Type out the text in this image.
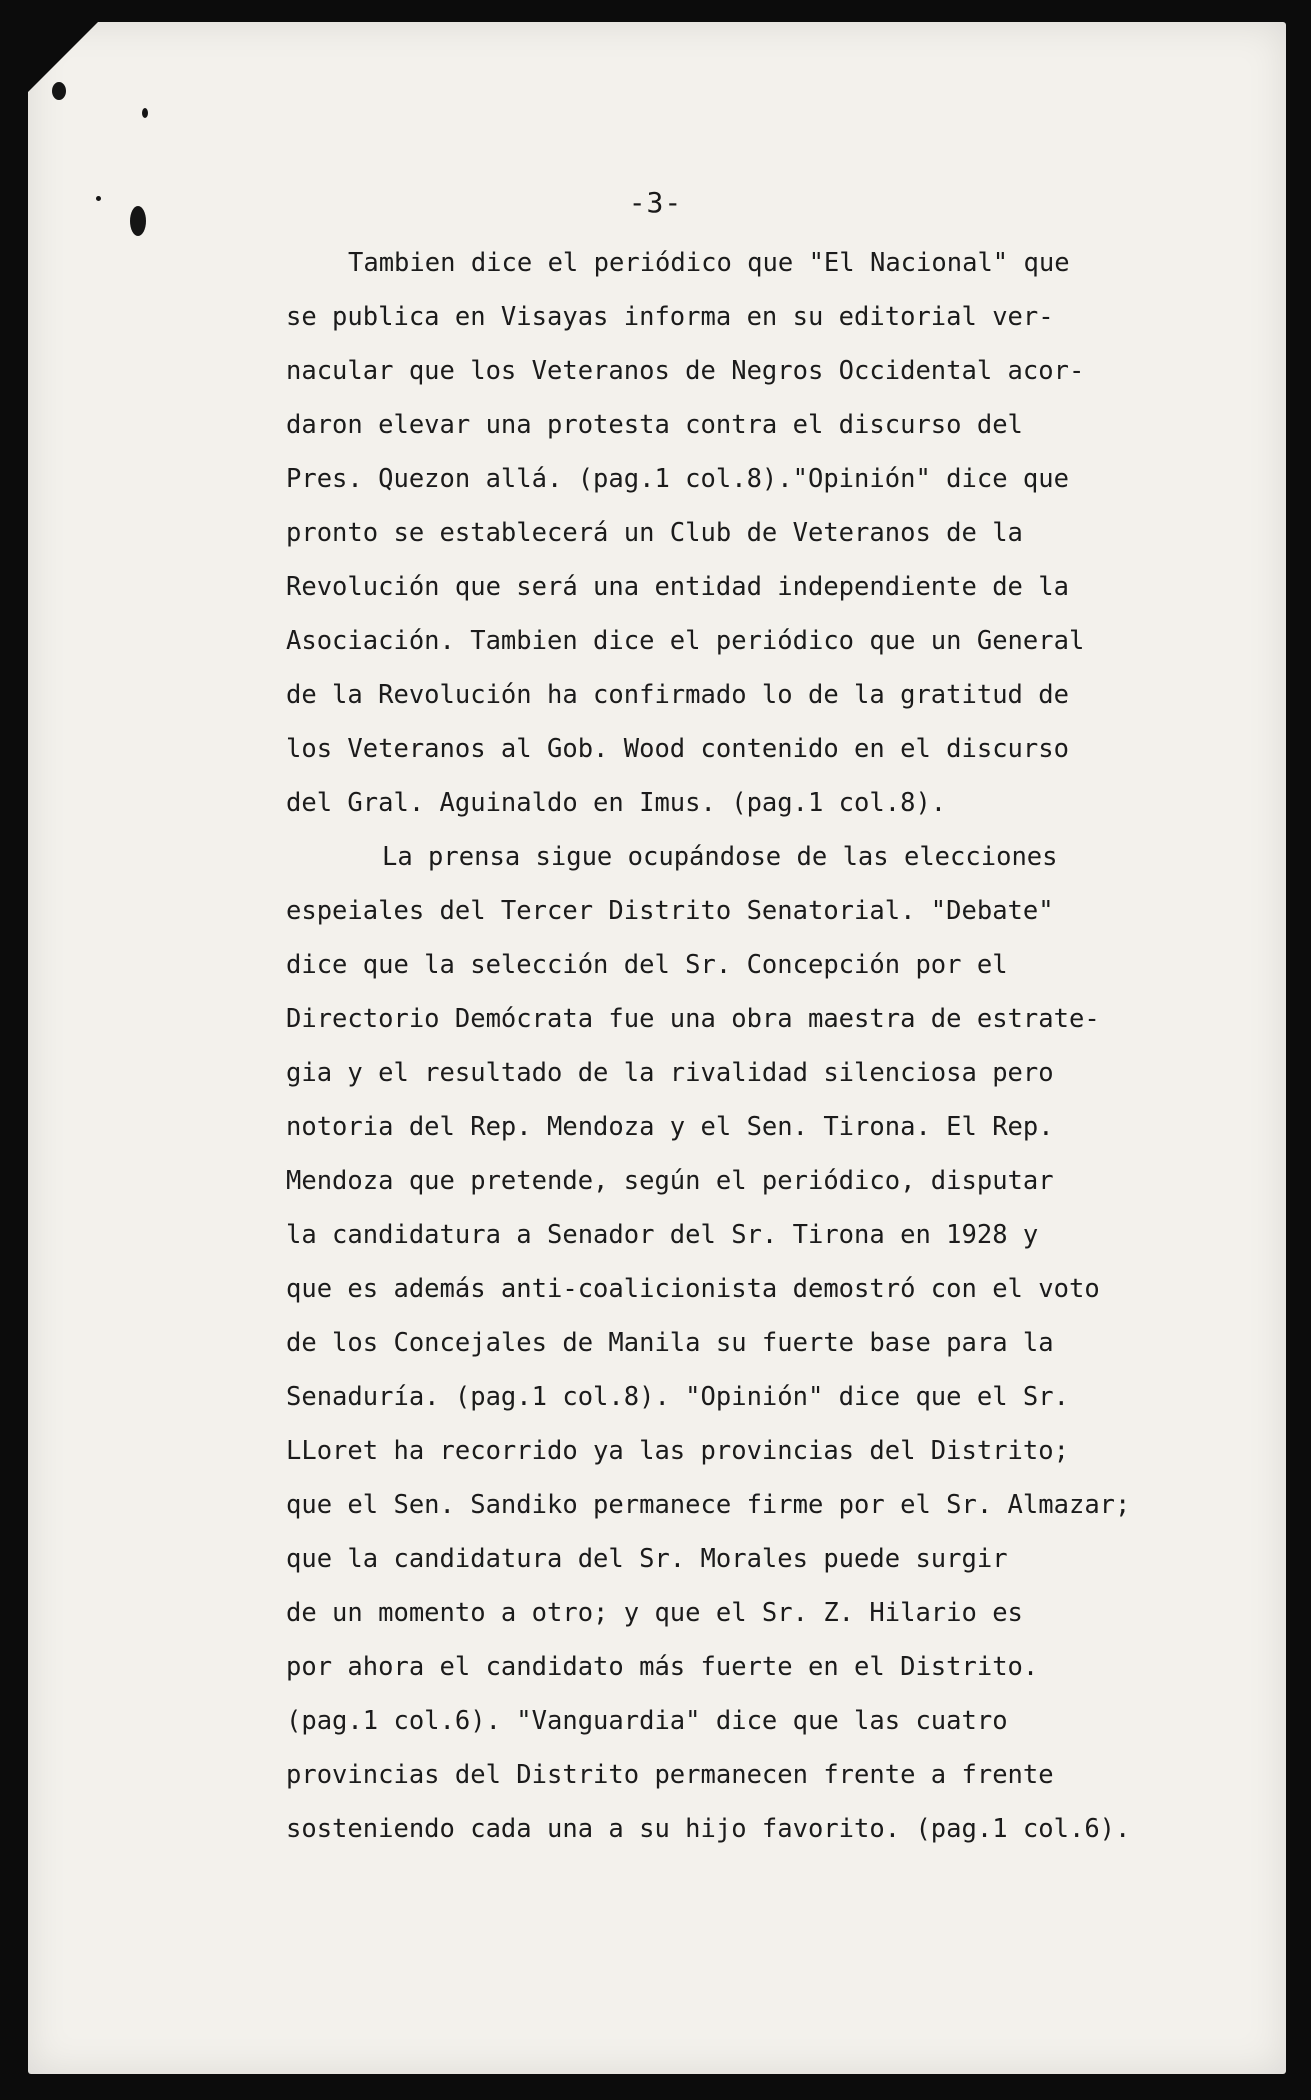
-3-
Tambien dice el periódico que "El Nacional" que
se publica en Visayas informa en su editorial ver-
nacular que los Veteranos de Negros Occidental acor-
daron elevar una protesta contra el discurso del
Pres. Quezon allá. (pag.1 col.8)."Opinión" dice que
pronto se establecerá un Club de Veteranos de la
Revolución que será una entidad independiente de la
Asociación. Tambien dice el periódico que un General
de la Revolución ha confirmado lo de la gratitud de
los Veteranos al Gob. Wood contenido en el discurso
del Gral. Aguinaldo en Imus. (pag.1 col.8).
La prensa sigue ocupándose de las elecciones
espeiales del Tercer Distrito Senatorial. "Debate"
dice que la selección del Sr. Concepción por el
Directorio Demócrata fue una obra maestra de estrate-
gia y el resultado de la rivalidad silenciosa pero
notoria del Rep. Mendoza y el Sen. Tirona. El Rep.
Mendoza que pretende, según el periódico, disputar
la candidatura a Senador del Sr. Tirona en 1928 y
que es además anti-coalicionista demostró con el voto
de los Concejales de Manila su fuerte base para la
Senaduría. (pag.1 col.8). "Opinión" dice que el Sr.
LLoret ha recorrido ya las provincias del Distrito;
que el Sen. Sandiko permanece firme por el Sr. Almazar;
que la candidatura del Sr. Morales puede surgir
de un momento a otro; y que el Sr. Z. Hilario es
por ahora el candidato más fuerte en el Distrito.
(pag.1 col.6). "Vanguardia" dice que las cuatro
provincias del Distrito permanecen frente a frente
sosteniendo cada una a su hijo favorito. (pag.1 col.6).
